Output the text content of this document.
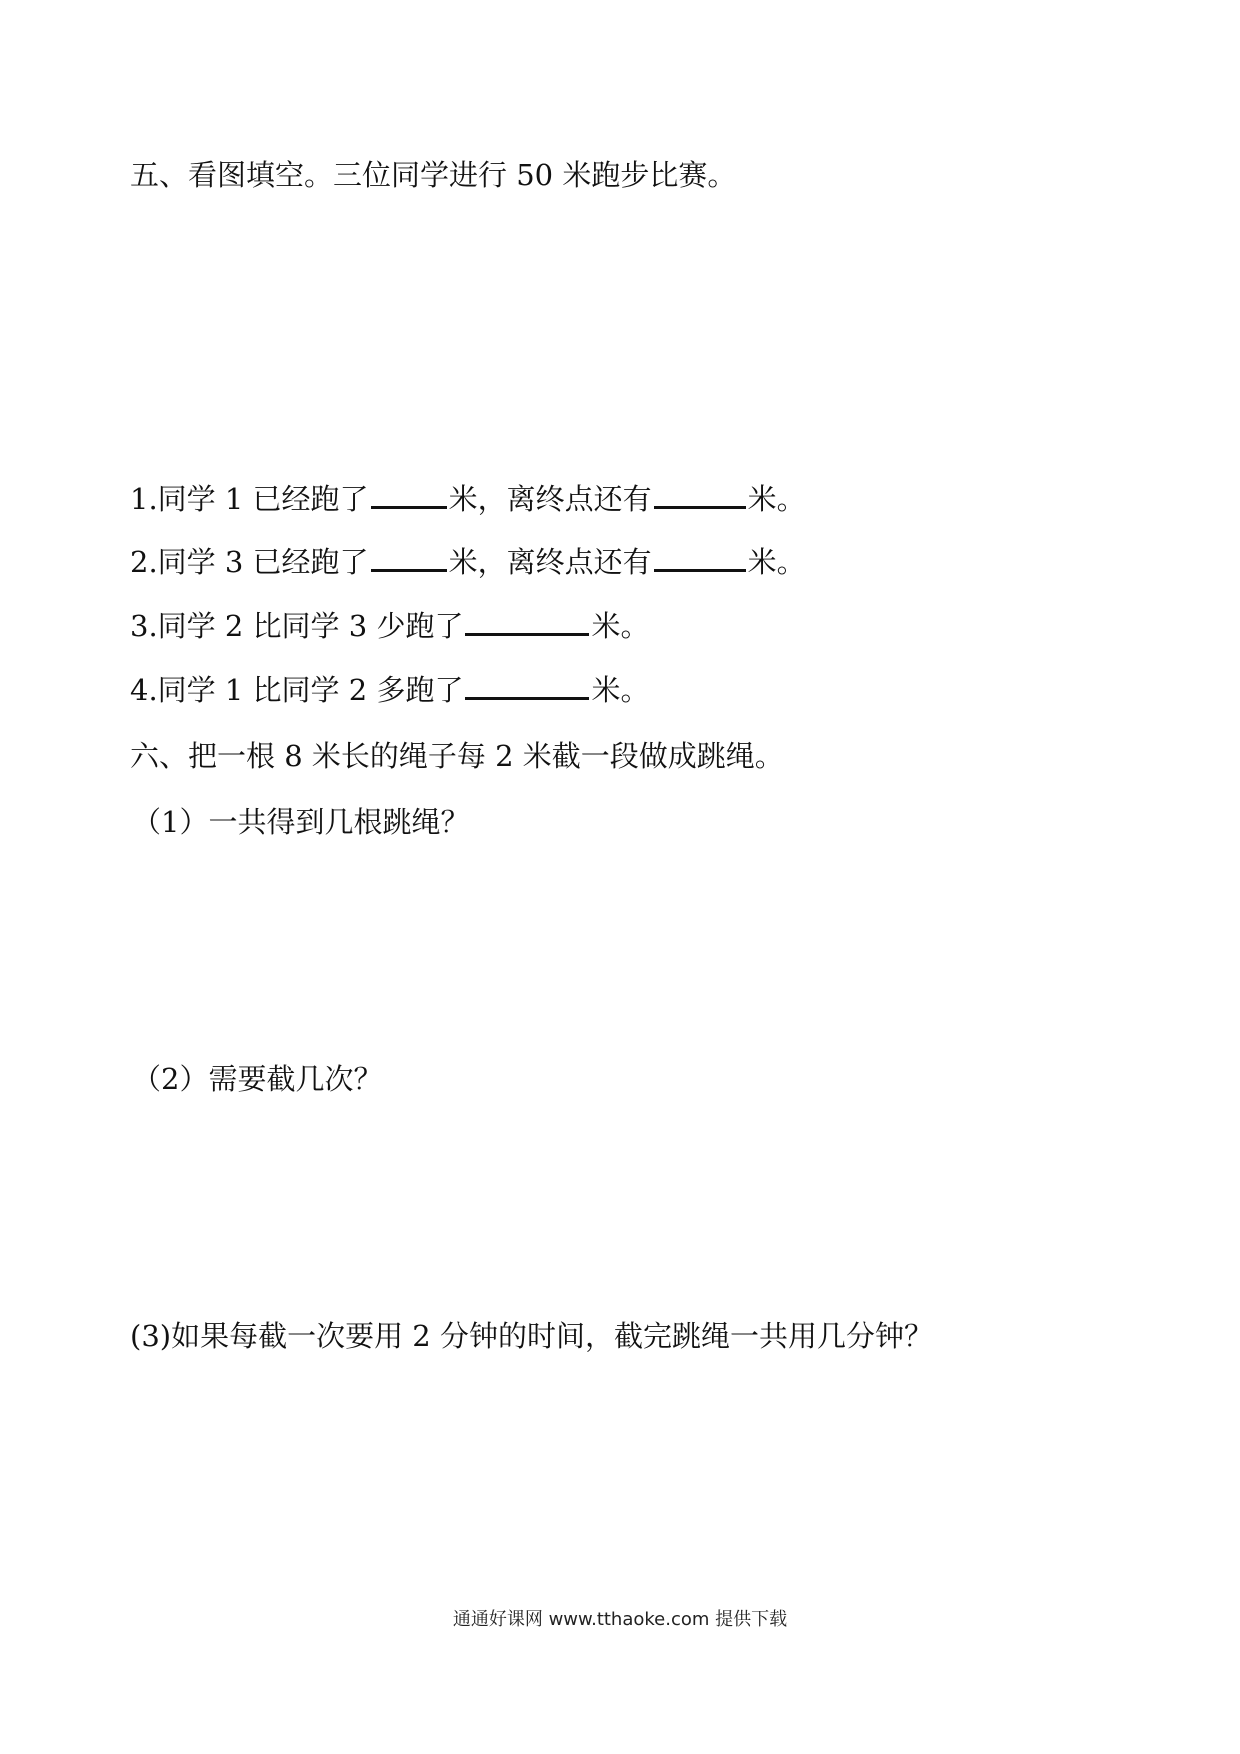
五、看图填空。三位同学进行 50 米跑步比赛。
1.同学 1 已经跑了	米，离终点还有	米。
2.同学 3 已经跑了	米，离终点还有	米。
3.同学 2 比同学 3 少跑了	米。
4.同学 1 比同学 2 多跑了	米。
六、把一根 8 米长的绳子每 2 米截一段做成跳绳。
（1）一共得到几根跳绳？
（2）需要截几次？
(3)如果每截一次要用 2 分钟的时间，截完跳绳一共用几分钟？
通通好课网 www.tthaoke.com 提供下载
